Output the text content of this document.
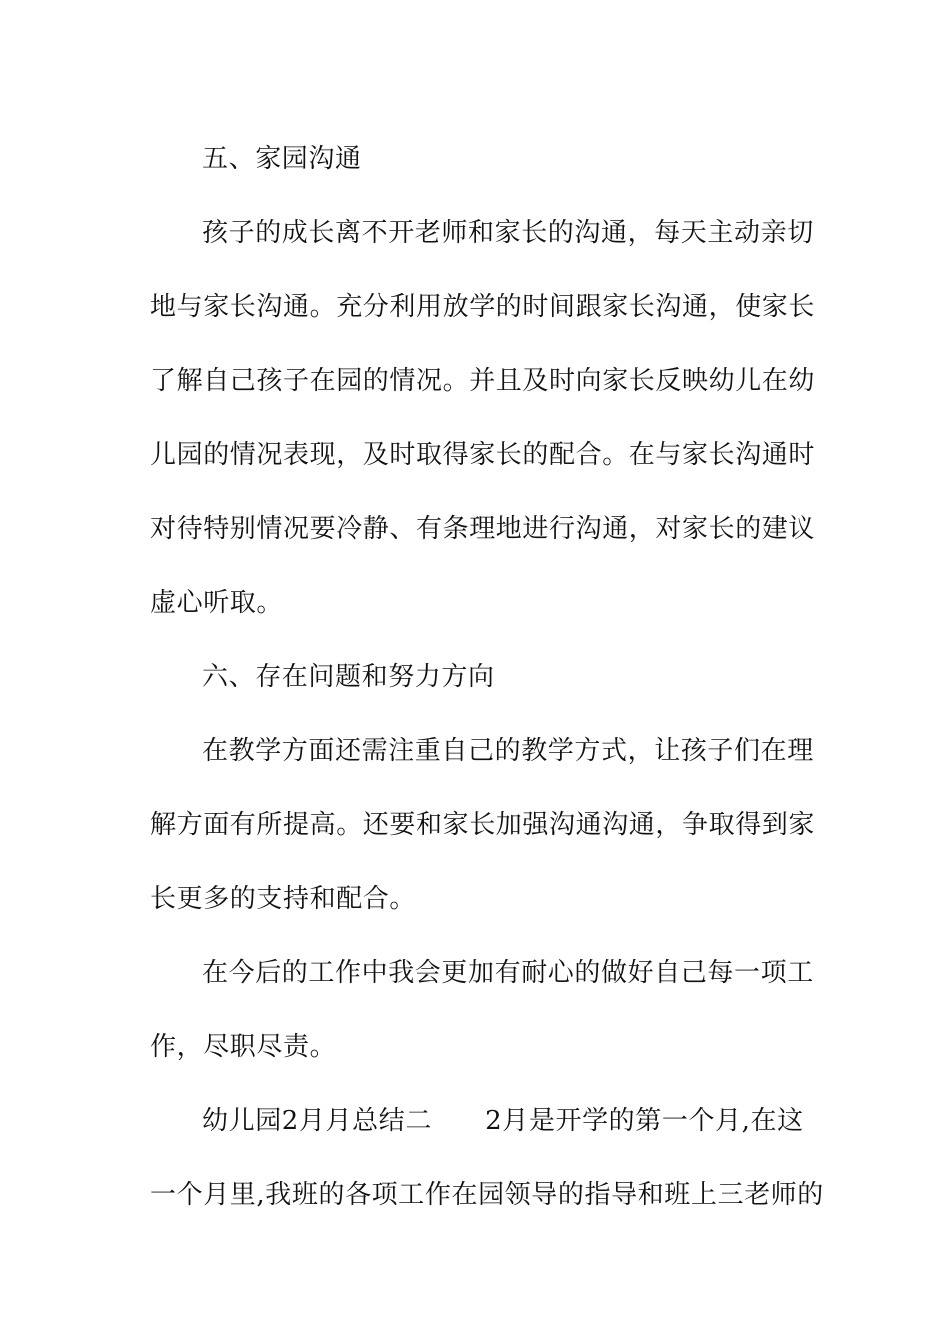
五、家园沟通
孩子的成长离不开老师和家长的沟通，每天主动亲切
地与家长沟通。充分利用放学的时间跟家长沟通，使家长
了解自己孩子在园的情况。并且及时向家长反映幼儿在幼
儿园的情况表现，及时取得家长的配合。在与家长沟通时
对待特别情况要冷静、有条理地进行沟通，对家长的建议
虚心听取。
六、存在问题和努力方向
在教学方面还需注重自己的教学方式，让孩子们在理
解方面有所提高。还要和家长加强沟通沟通，争取得到家
长更多的支持和配合。
在今后的工作中我会更加有耐心的做好自己每一项工
作，尽职尽责。
幼儿园2月月总结二　　2月是开学的第一个月,在这
一个月里,我班的各项工作在园领导的指导和班上三老师的
